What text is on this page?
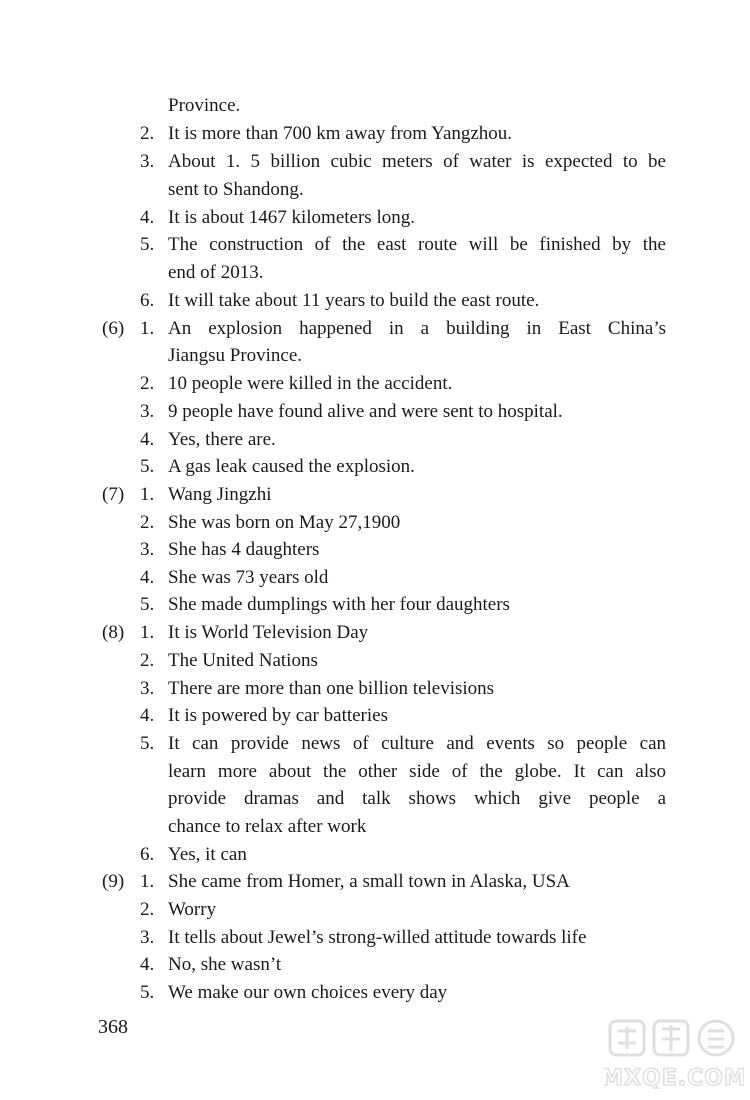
Province.
2. It is more than 700 km away from Yangzhou.
3. About 1. 5 billion cubic meters of water is expected to be
sent to Shandong.
4. It is about 1467 kilometers long.
5. The construction of the east route will be finished by the
end of 2013.
6. It will take about 11 years to build the east route.
(6) 1. An explosion happened in a building in East China’s
Jiangsu Province.
2. 10 people were killed in the accident.
3. 9 people have found alive and were sent to hospital.
4. Yes, there are.
5. A gas leak caused the explosion.
(7) 1. Wang Jingzhi
2. She was born on May 27,1900
3. She has 4 daughters
4. She was 73 years old
5. She made dumplings with her four daughters
(8) 1. It is World Television Day
2. The United Nations
3. There are more than one billion televisions
4. It is powered by car batteries
5. It can provide news of culture and events so people can
learn more about the other side of the globe. It can also
provide dramas and talk shows which give people a
chance to relax after work
6. Yes, it can
(9) 1. She came from Homer, a small town in Alaska, USA
2. Worry
3. It tells about Jewel’s strong-willed attitude towards life
4. No, she wasn’t
5. We make our own choices every day
368
MXQE.COM
